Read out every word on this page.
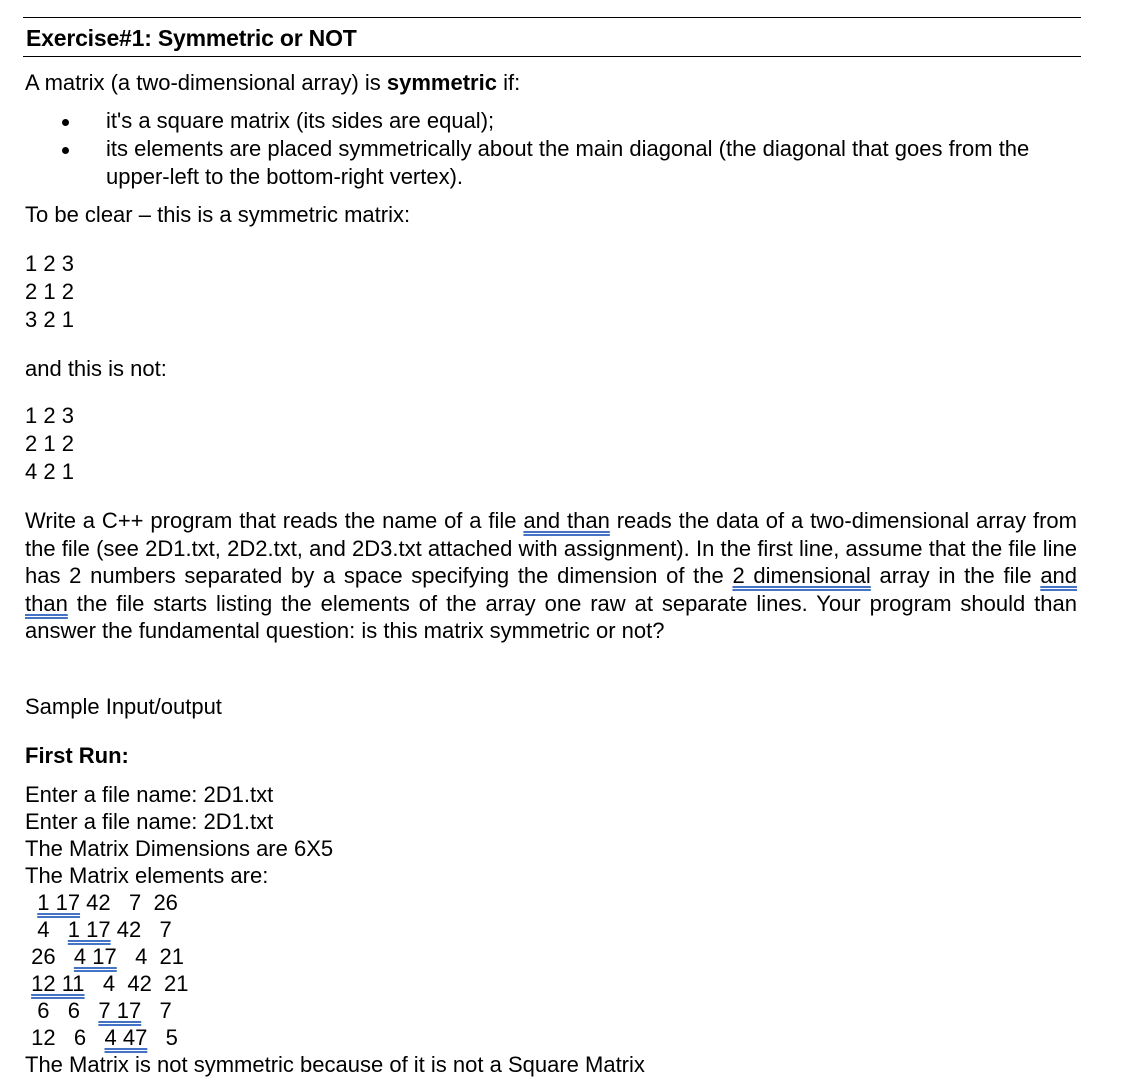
Exercise#1: Symmetric or NOT
A matrix (a two-dimensional array) is symmetric if:
it's a square matrix (its sides are equal);
its elements are placed symmetrically about the main diagonal (the diagonal that goes from the upper-left to the bottom-right vertex).
To be clear – this is a symmetric matrix:
1 2 3
2 1 2
3 2 1
and this is not:
1 2 3
2 1 2
4 2 1
Write a C++ program that reads the name of a file and than reads the data of a two-dimensional array from the file (see 2D1.txt, 2D2.txt, and 2D3.txt attached with assignment). In the first line, assume that the file line has 2 numbers separated by a space specifying the dimension of the 2 dimensional array in the file and than the file starts listing the elements of the array one raw at separate lines. Your program should than answer the fundamental question: is this matrix symmetric or not?
Sample Input/output
First Run:
Enter a file name: 2D1.txt
Enter a file name: 2D1.txt
The Matrix Dimensions are 6X5
The Matrix elements are:
1 17 42   7  26
4   1 17 42   7
26   4 17   4  21
12 11   4  42  21
6   6   7 17   7
12   6   4 47   5
The Matrix is not symmetric because of it is not a Square Matrix
